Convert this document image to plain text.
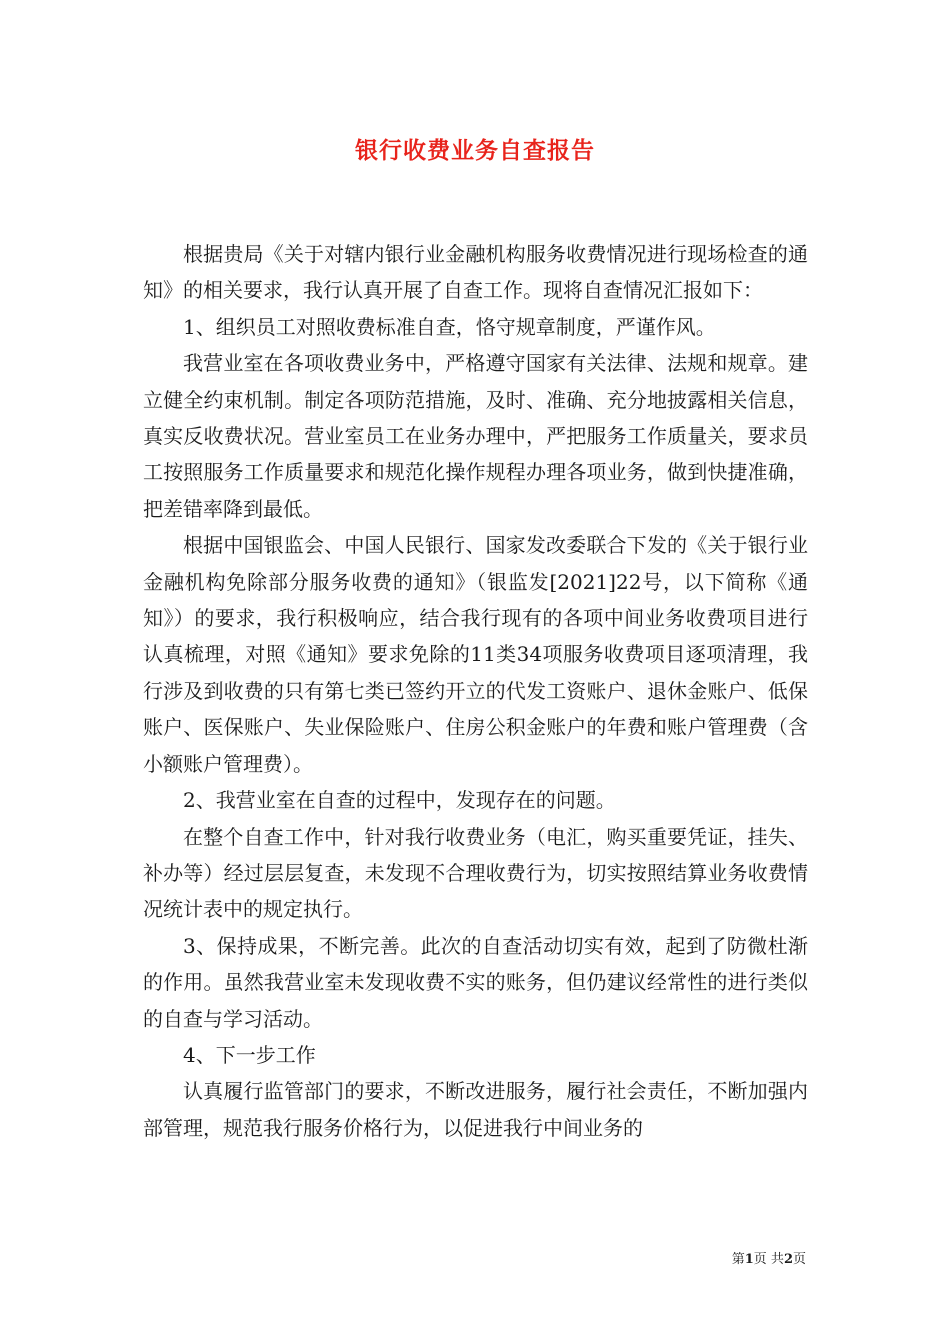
银行收费业务自查报告

根据贵局《关于对辖内银行业金融机构服务收费情况进行现场检查的通知》的相关要求，我行认真开展了自查工作。现将自查情况汇报如下：

1、组织员工对照收费标准自查，恪守规章制度，严谨作风。

我营业室在各项收费业务中，严格遵守国家有关法律、法规和规章。建立健全约束机制。制定各项防范措施，及时、准确、充分地披露相关信息，真实反收费状况。营业室员工在业务办理中，严把服务工作质量关，要求员工按照服务工作质量要求和规范化操作规程办理各项业务，做到快捷准确，把差错率降到最低。

根据中国银监会、中国人民银行、国家发改委联合下发的《关于银行业金融机构免除部分服务收费的通知》（银监发[2021]22号，以下简称《通知》）的要求，我行积极响应，结合我行现有的各项中间业务收费项目进行认真梳理，对照《通知》要求免除的11类34项服务收费项目逐项清理，我行涉及到收费的只有第七类已签约开立的代发工资账户、退休金账户、低保账户、医保账户、失业保险账户、住房公积金账户的年费和账户管理费（含小额账户管理费）。

2、我营业室在自查的过程中，发现存在的问题。

在整个自查工作中，针对我行收费业务（电汇，购买重要凭证，挂失、补办等）经过层层复查，未发现不合理收费行为，切实按照结算业务收费情况统计表中的规定执行。

3、保持成果，不断完善。此次的自查活动切实有效，起到了防微杜渐的作用。虽然我营业室未发现收费不实的账务，但仍建议经常性的进行类似的自查与学习活动。

4、下一步工作

认真履行监管部门的要求，不断改进服务，履行社会责任，不断加强内部管理，规范我行服务价格行为，以促进我行中间业务的

第1页 共2页
